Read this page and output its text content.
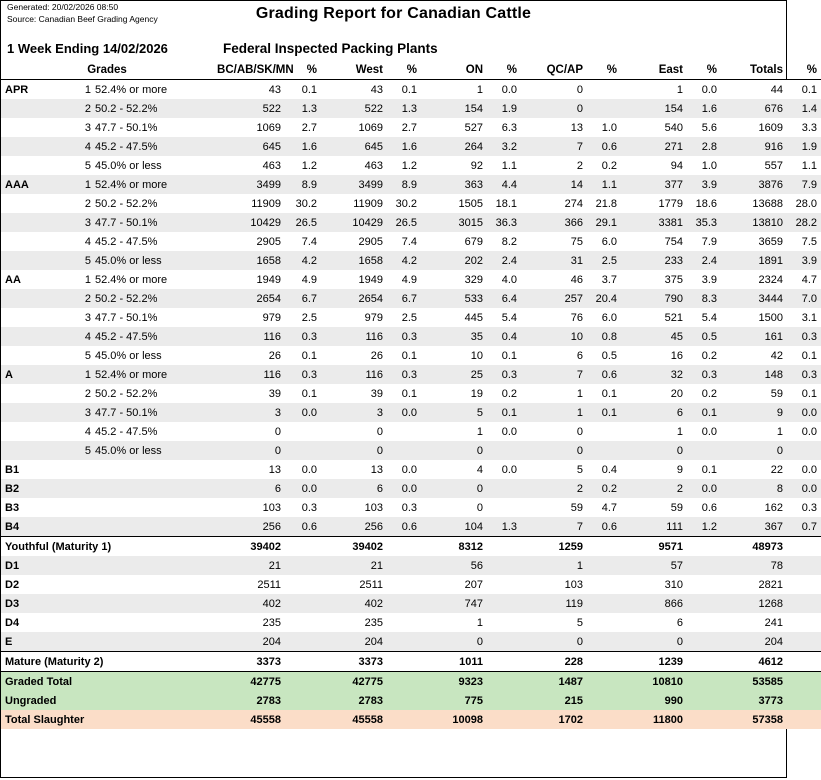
Generated: 20/02/2026 08:50
Source: Canadian Beef Grading Agency	Grading Report for Canadian Cattle
1 Week Ending 14/02/2026	Federal Inspected Packing Plants
Grades			BC/AB/SK/MN	%	West	%	ON	%	QC/AP	%	East	%	Totals	%
APR	1	52.4% or more	43	0.1	43	0.1	1	0.0	0		1	0.0	44	0.1
	2	50.2 - 52.2%	522	1.3	522	1.3	154	1.9	0		154	1.6	676	1.4
	3	47.7 - 50.1%	1069	2.7	1069	2.7	527	6.3	13	1.0	540	5.6	1609	3.3
	4	45.2 - 47.5%	645	1.6	645	1.6	264	3.2	7	0.6	271	2.8	916	1.9
	5	45.0% or less	463	1.2	463	1.2	92	1.1	2	0.2	94	1.0	557	1.1
AAA	1	52.4% or more	3499	8.9	3499	8.9	363	4.4	14	1.1	377	3.9	3876	7.9
	2	50.2 - 52.2%	11909	30.2	11909	30.2	1505	18.1	274	21.8	1779	18.6	13688	28.0
	3	47.7 - 50.1%	10429	26.5	10429	26.5	3015	36.3	366	29.1	3381	35.3	13810	28.2
	4	45.2 - 47.5%	2905	7.4	2905	7.4	679	8.2	75	6.0	754	7.9	3659	7.5
	5	45.0% or less	1658	4.2	1658	4.2	202	2.4	31	2.5	233	2.4	1891	3.9
AA	1	52.4% or more	1949	4.9	1949	4.9	329	4.0	46	3.7	375	3.9	2324	4.7
	2	50.2 - 52.2%	2654	6.7	2654	6.7	533	6.4	257	20.4	790	8.3	3444	7.0
	3	47.7 - 50.1%	979	2.5	979	2.5	445	5.4	76	6.0	521	5.4	1500	3.1
	4	45.2 - 47.5%	116	0.3	116	0.3	35	0.4	10	0.8	45	0.5	161	0.3
	5	45.0% or less	26	0.1	26	0.1	10	0.1	6	0.5	16	0.2	42	0.1
A	1	52.4% or more	116	0.3	116	0.3	25	0.3	7	0.6	32	0.3	148	0.3
	2	50.2 - 52.2%	39	0.1	39	0.1	19	0.2	1	0.1	20	0.2	59	0.1
	3	47.7 - 50.1%	3	0.0	3	0.0	5	0.1	1	0.1	6	0.1	9	0.0
	4	45.2 - 47.5%	0		0		1	0.0	0		1	0.0	1	0.0
	5	45.0% or less	0		0		0		0		0		0	
B1			13	0.0	13	0.0	4	0.0	5	0.4	9	0.1	22	0.0
B2			6	0.0	6	0.0	0		2	0.2	2	0.0	8	0.0
B3			103	0.3	103	0.3	0		59	4.7	59	0.6	162	0.3
B4			256	0.6	256	0.6	104	1.3	7	0.6	111	1.2	367	0.7
Youthful (Maturity 1)			39402		39402		8312		1259		9571		48973	
D1			21		21		56		1		57		78	
D2			2511		2511		207		103		310		2821	
D3			402		402		747		119		866		1268	
D4			235		235		1		5		6		241	
E			204		204		0		0		0		204	
Mature (Maturity 2)			3373		3373		1011		228		1239		4612	
Graded Total			42775		42775		9323		1487		10810		53585	
Ungraded			2783		2783		775		215		990		3773	
Total Slaughter			45558		45558		10098		1702		11800		57358	
